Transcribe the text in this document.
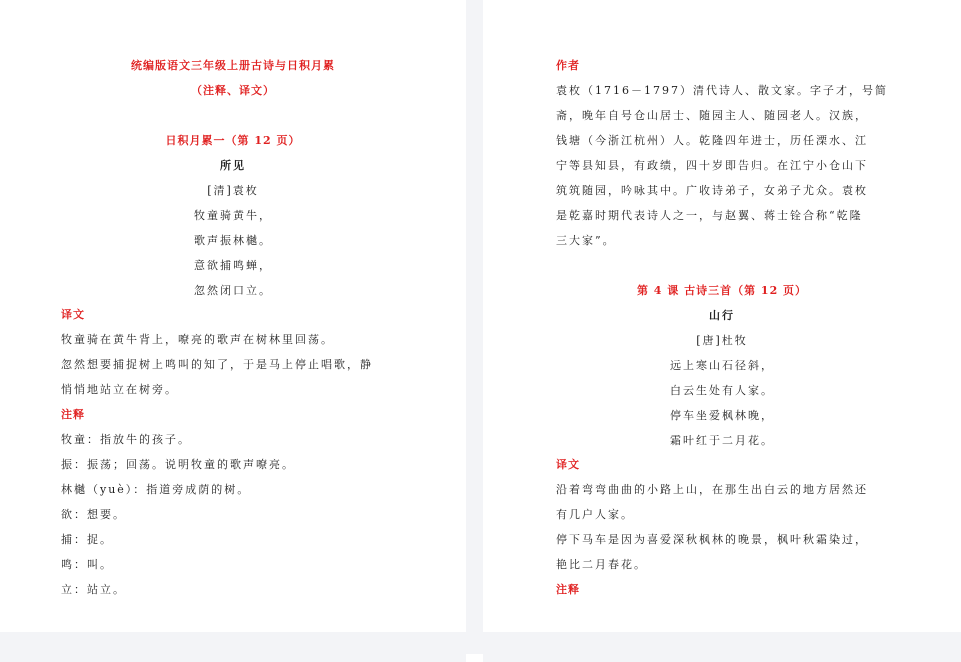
统编版语文三年级上册古诗与日积月累
（注释、译文）
日积月累一（第 12 页）
所见
[清]袁枚
牧童骑黄牛，
歌声振林樾。
意欲捕鸣蝉，
忽然闭口立。
译文
牧童骑在黄牛背上，嘹亮的歌声在树林里回荡。
忽然想要捕捉树上鸣叫的知了，于是马上停止唱歌，静
悄悄地站立在树旁。
注释
牧童：指放牛的孩子。
振：振荡；回荡。说明牧童的歌声嘹亮。
林樾（yuè）：指道旁成荫的树。
欲：想要。
捕：捉。
鸣：叫。
立：站立。
作者
袁枚（1716－1797）清代诗人、散文家。字子才，号简
斋，晚年自号仓山居士、随园主人、随园老人。汉族，
钱塘（今浙江杭州）人。乾隆四年进士，历任溧水、江
宁等县知县，有政绩，四十岁即告归。在江宁小仓山下
筑筑随园，吟咏其中。广收诗弟子，女弟子尤众。袁枚
是乾嘉时期代表诗人之一，与赵翼、蒋士铨合称“乾隆
三大家”。
第 4 课 古诗三首（第 12 页）
山行
[唐]杜牧
远上寒山石径斜，
白云生处有人家。
停车坐爱枫林晚，
霜叶红于二月花。
译文
沿着弯弯曲曲的小路上山，在那生出白云的地方居然还
有几户人家。
停下马车是因为喜爱深秋枫林的晚景，枫叶秋霜染过，
艳比二月春花。
注释
